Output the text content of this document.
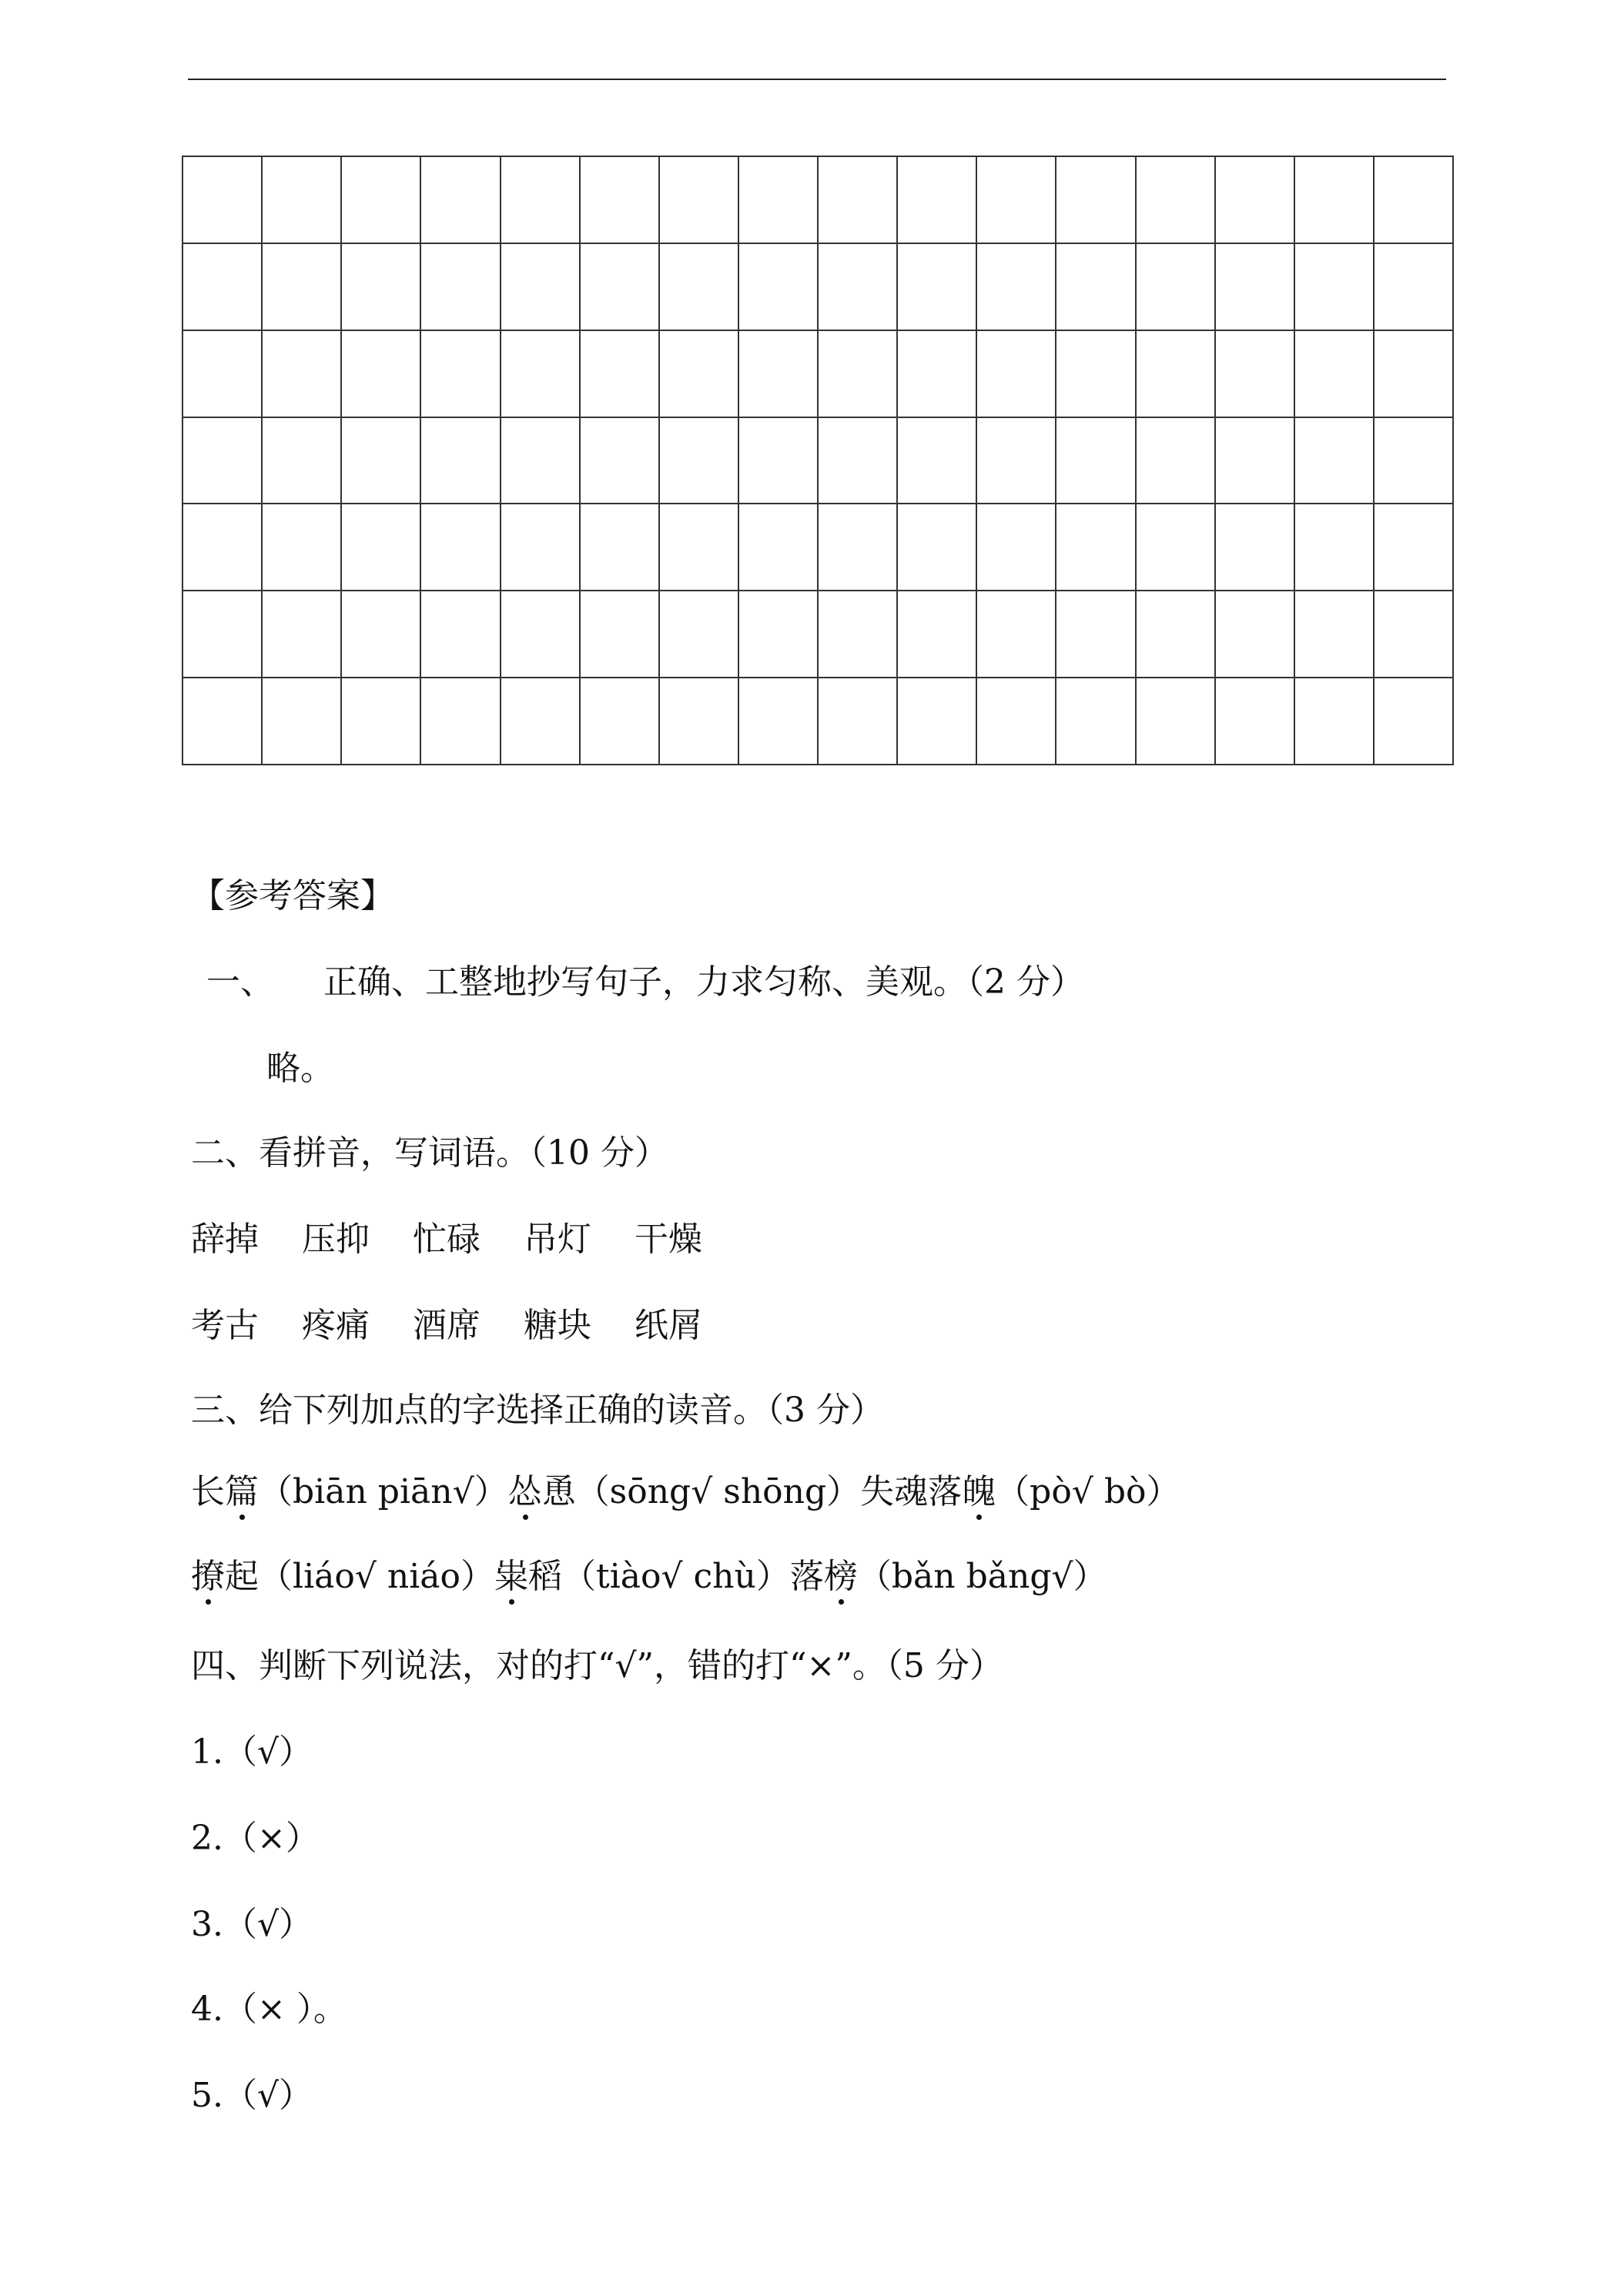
【参考答案】
一、 正确、工整地抄写句子，力求匀称、美观。（2 分）
略。
二、看拼音，写词语。（10 分）
辞掉 压抑 忙碌 吊灯 干燥
考古 疼痛 酒席 糖块 纸屑
三、给下列加点的字选择正确的读音。（3 分）
长篇（biān piān√）怂恿（sōng√ shōng）失魂落魄（pò√ bò）
撩起（liáo√ niáo）粜稻（tiào√ chù）落榜（bǎn bǎng√）
四、判断下列说法，对的打“√”，错的打“×”。（5 分）
1.（√）
2.（×）
3.（√）
4.（× ）。
5.（√）
